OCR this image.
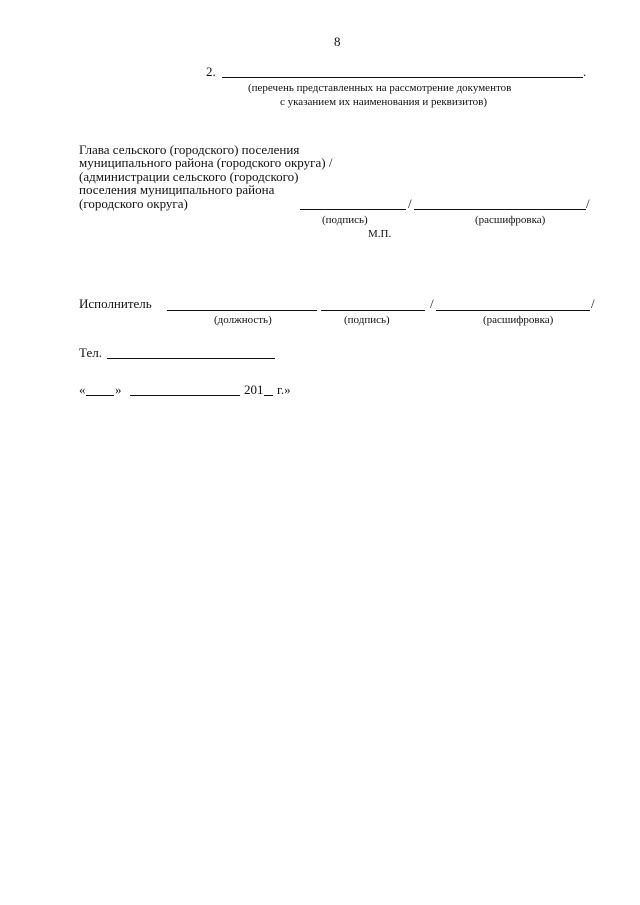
8
2.	.
(перечень представленных на рассмотрение документов
с указанием их наименования и реквизитов)
Глава сельского (городского) поселения
муниципального района (городского округа) /
(администрации сельского (городского)
поселения муниципального района
(городского округа)	/	/
(подпись)	(расшифровка)
М.П.
Исполнитель	/	/
(должность)	(подпись)	(расшифровка)
Тел.
« »	201 г.»
